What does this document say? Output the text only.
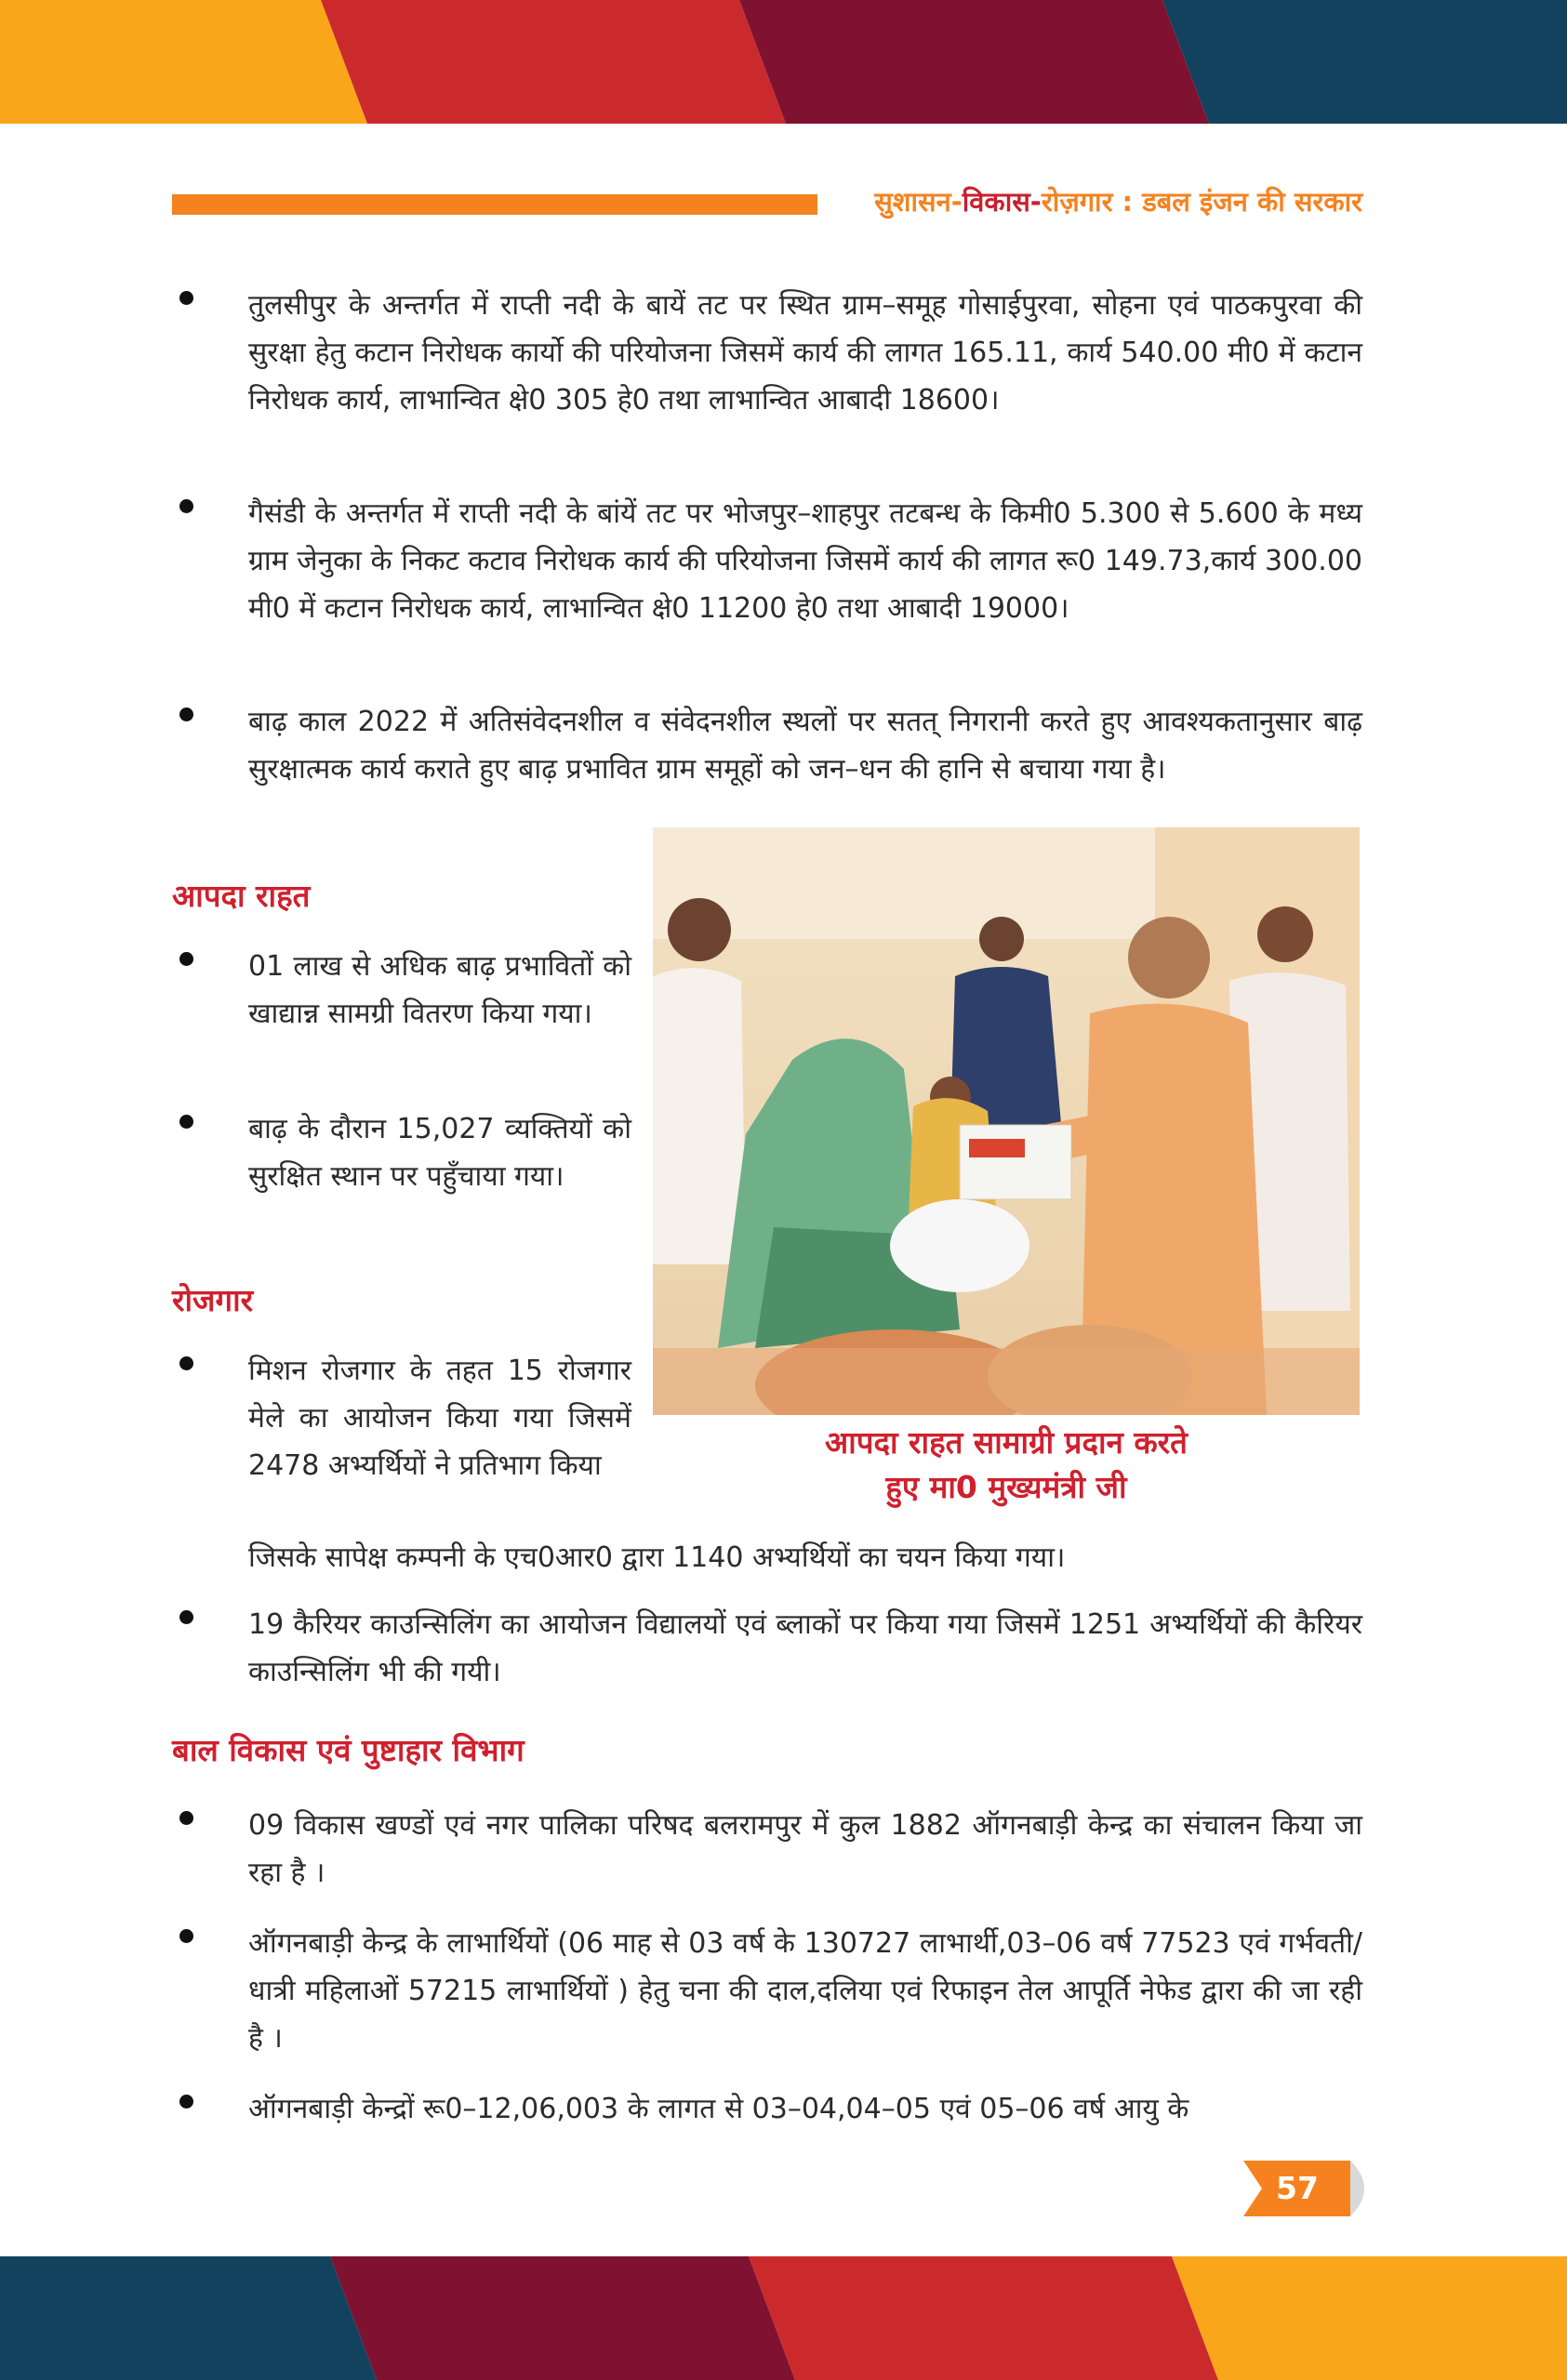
सुशासन-विकास-रोज़गार : डबल इंजन की सरकार

तुलसीपुर के अन्तर्गत में राप्ती नदी के बायें तट पर स्थित ग्राम–समूह गोसाईपुरवा, सोहना एवं पाठकपुरवा की सुरक्षा हेतु कटान निरोधक कार्यो की परियोजना जिसमें कार्य की लागत 165.11, कार्य 540.00 मी0 में कटान निरोधक कार्य, लाभान्वित क्षे0 305 हे0 तथा लाभान्वित आबादी 18600।

गैसंडी के अन्तर्गत में राप्ती नदी के बांयें तट पर भोजपुर–शाहपुर तटबन्ध के किमी0 5.300 से 5.600 के मध्य ग्राम जेनुका के निकट कटाव निरोधक कार्य की परियोजना जिसमें कार्य की लागत रू0 149.73,कार्य 300.00 मी0 में कटान निरोधक कार्य, लाभान्वित क्षे0 11200 हे0 तथा आबादी 19000।

बाढ़ काल 2022 में अतिसंवेदनशील व संवेदनशील स्थलों पर सतत् निगरानी करते हुए आवश्यकतानुसार बाढ़ सुरक्षात्मक कार्य कराते हुए बाढ़ प्रभावित ग्राम समूहों को जन–धन की हानि से बचाया गया है।

आपदा राहत

01 लाख से अधिक बाढ़ प्रभावितों को खाद्यान्न सामग्री वितरण किया गया।

बाढ़ के दौरान 15,027 व्यक्तियों को सुरक्षित स्थान पर पहुँचाया गया।

रोजगार

मिशन रोजगार के तहत 15 रोजगार मेले का आयोजन किया गया जिसमें 2478 अभ्यर्थियों ने प्रतिभाग किया

जिसके सापेक्ष कम्पनी के एच0आर0 द्वारा 1140 अभ्यर्थियों का चयन किया गया।

19 कैरियर काउन्सिलिंग का आयोजन विद्यालयों एवं ब्लाकों पर किया गया जिसमें 1251 अभ्यर्थियों की कैरियर काउन्सिलिंग भी की गयी।

आपदा राहत सामाग्री प्रदान करते
हुए मा0 मुख्यमंत्री जी
बाल विकास एवं पुष्टाहार विभाग

09 विकास खण्डों एवं नगर पालिका परिषद बलरामपुर में कुल 1882 ऑगनबाड़ी केन्द्र का संचालन किया जा रहा है ।

ऑगनबाड़ी केन्द्र के लाभार्थियों (06 माह से 03 वर्ष के 130727 लाभार्थी,03–06 वर्ष 77523 एवं गर्भवती/धात्री महिलाओं 57215 लाभार्थियों ) हेतु चना की दाल,दलिया एवं रिफाइन तेल आपूर्ति नेफेड द्वारा की जा रही है ।

ऑगनबाड़ी केन्द्रों रू0–12,06,003 के लागत से 03–04,04–05 एवं 05–06 वर्ष आयु के

57
